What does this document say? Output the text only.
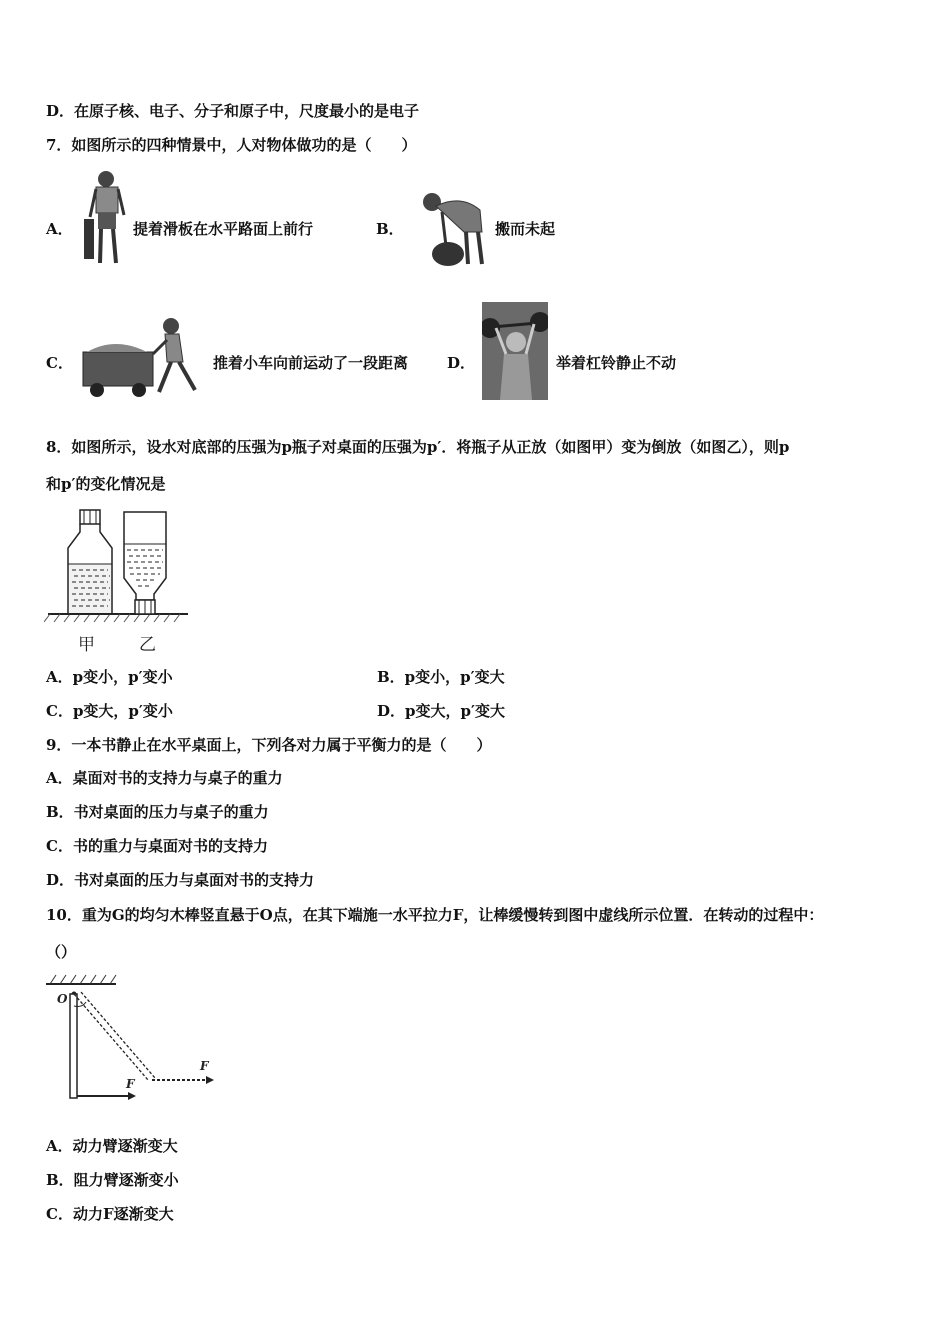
D．在原子核、电子、分子和原子中，尺度最小的是电子
7．如图所示的四种情景中，人对物体做功的是（　　）
A．	提着滑板在水平路面上前行	B．	搬而未起
C．	推着小车向前运动了一段距离	D．	举着杠铃静止不动
8．如图所示，设水对底部的压强为p瓶子对桌面的压强为p′．将瓶子从正放（如图甲）变为倒放（如图乙），则p
和p′的变化情况是
甲	乙
A．p变小，p′变小	B．p变小，p′变大
C．p变大，p′变小	D．p变大，p′变大
9．一本书静止在水平桌面上，下列各对力属于平衡力的是（　　）
A．桌面对书的支持力与桌子的重力
B．书对桌面的压力与桌子的重力
C．书的重力与桌面对书的支持力
D．书对桌面的压力与桌面对书的支持力
10．重为G的均匀木棒竖直悬于O点，在其下端施一水平拉力F，让棒缓慢转到图中虚线所示位置．在转动的过程中：
（）
O
F
F
A．动力臂逐渐变大
B．阻力臂逐渐变小
C．动力F逐渐变大
